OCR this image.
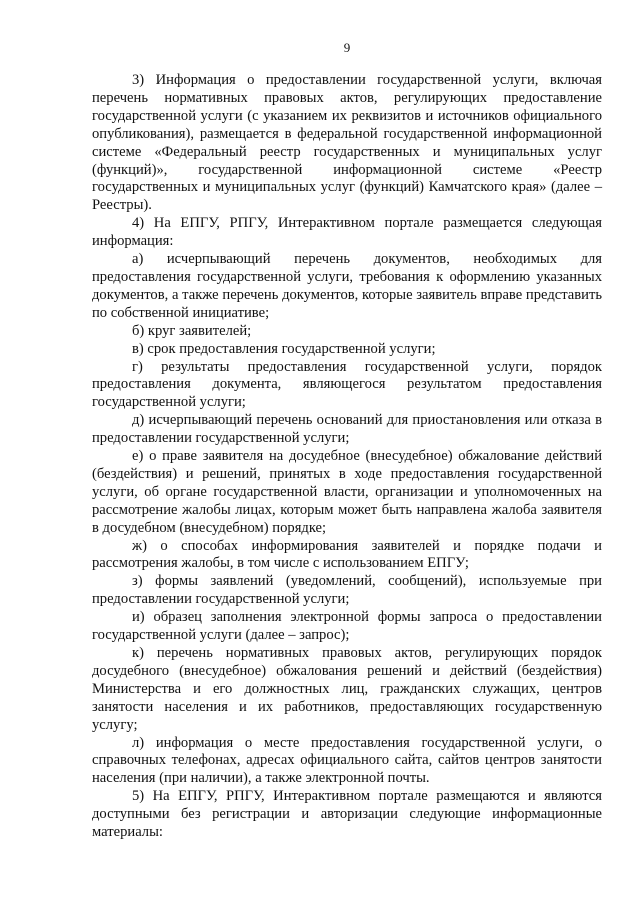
9

3) Информация о предоставлении государственной услуги, включая перечень нормативных правовых актов, регулирующих предоставление государственной услуги (с указанием их реквизитов и источников официального опубликования), размещается в федеральной государственной информационной системе «Федеральный реестр государственных и муниципальных услуг (функций)», государственной информационной системе «Реестр государственных и муниципальных услуг (функций) Камчатского края» (далее – Реестры).

4) На ЕПГУ, РПГУ, Интерактивном портале размещается следующая информация:

а) исчерпывающий перечень документов, необходимых для предоставления государственной услуги, требования к оформлению указанных документов, а также перечень документов, которые заявитель вправе представить по собственной инициативе;

б) круг заявителей;

в) срок предоставления государственной услуги;

г) результаты предоставления государственной услуги, порядок предоставления документа, являющегося результатом предоставления государственной услуги;

д) исчерпывающий перечень оснований для приостановления или отказа в предоставлении государственной услуги;

е) о праве заявителя на досудебное (внесудебное) обжалование действий (бездействия) и решений, принятых в ходе предоставления государственной услуги, об органе государственной власти, организации и уполномоченных на рассмотрение жалобы лицах, которым может быть направлена жалоба заявителя в досудебном (внесудебном) порядке;

ж) о способах информирования заявителей и порядке подачи и рассмотрения жалобы, в том числе с использованием ЕПГУ;

з) формы заявлений (уведомлений, сообщений), используемые при предоставлении государственной услуги;

и) образец заполнения электронной формы запроса о предоставлении государственной услуги (далее – запрос);

к) перечень нормативных правовых актов, регулирующих порядок досудебного (внесудебное) обжалования решений и действий (бездействия) Министерства и его должностных лиц, гражданских служащих, центров занятости населения и их работников, предоставляющих государственную услугу;

л) информация о месте предоставления государственной услуги, о справочных телефонах, адресах официального сайта, сайтов центров занятости населения (при наличии), а также электронной почты.

5) На ЕПГУ, РПГУ, Интерактивном портале размещаются и являются доступными без регистрации и авторизации следующие информационные материалы:
